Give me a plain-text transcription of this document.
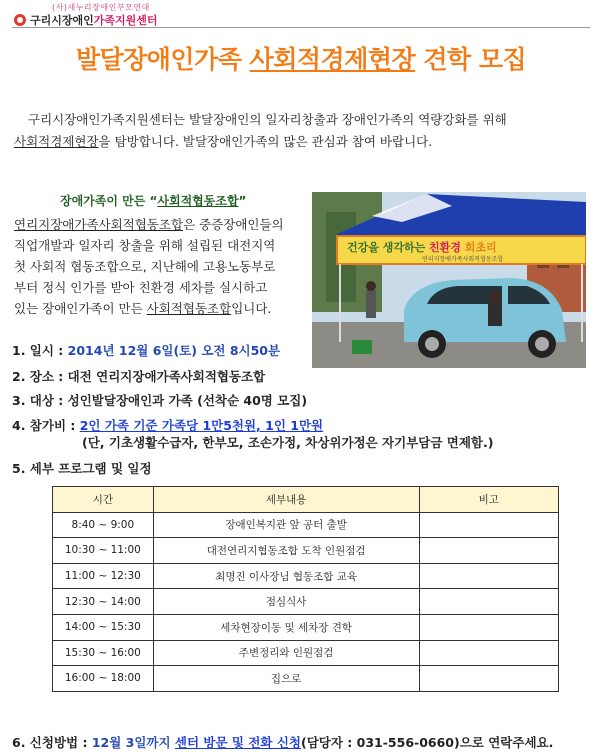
(사)새누리장애인부모연대
구리시장애인가족지원센터
발달장애인가족 사회적경제현장 견학 모집
구리시장애인가족지원센터는 발달장애인의 일자리창출과 장애인가족의 역량강화를 위해
사회적경제현장을 탐방합니다. 발달장애인가족의 많은 관심과 참여 바랍니다.
장애가족이 만든 “사회적협동조합”
연리지장애가족사회적협동조합은 중증장애인들의
직업개발과 일자리 창출을 위해 설립된 대전지역
첫 사회적 협동조합으로, 지난해에 고용노동부로
부터 정식 인가를 받아 친환경 세차를 실시하고
있는 장애인가족이 만든 사회적협동조합입니다.
건강을 생각하는 친환경 회초리
연리지장애가족사회적협동조합
1. 일시 : 2014년 12월 6일(토) 오전 8시50분
2. 장소 : 대전 연리지장애가족사회적협동조합
3. 대상 : 성인발달장애인과 가족 (선착순 40명 모집)
4. 참가비 : 2인 가족 기준 가족당 1만5천원, 1인 1만원
(단, 기초생활수급자, 한부모, 조손가정, 차상위가정은 자기부담금 면제함.)
5. 세부 프로그램 및 일정
시간	세부내용	비고
8:40 ~ 9:00	장애인복지관 앞 공터 출발	
10:30 ~ 11:00	대전연리지협동조합 도착 인원점검	
11:00 ~ 12:30	최명진 이사장님 협동조합 교육	
12:30 ~ 14:00	점심식사	
14:00 ~ 15:30	세차현장이동 및 세차장 견학	
15:30 ~ 16:00	주변정리와 인원점검	
16:00 ~ 18:00	집으로	
6. 신청방법 : 12월 3일까지 센터 방문 및 전화 신청(담당자 : 031-556-0660)으로 연락주세요.
